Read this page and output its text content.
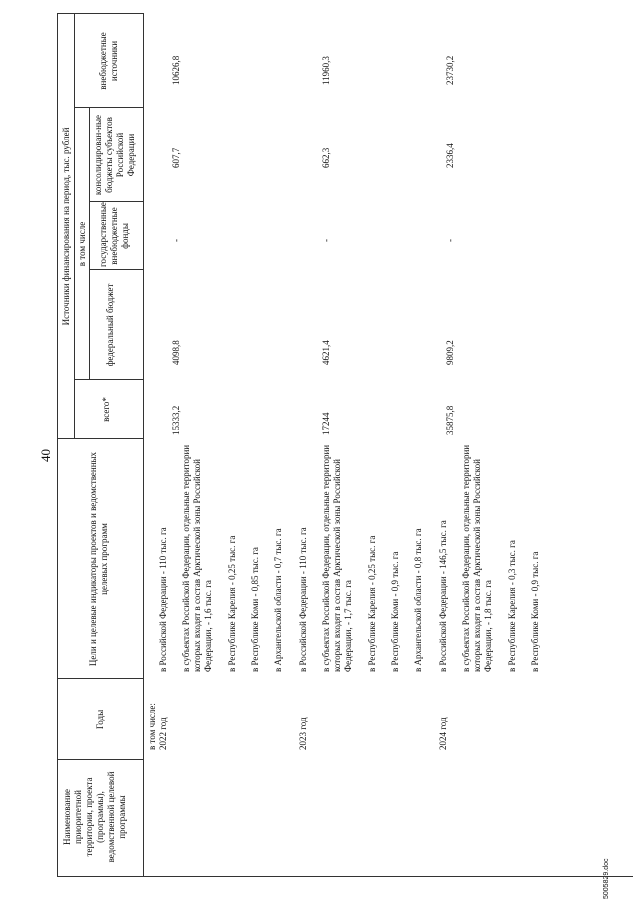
40
5005829.doc
Наименование приоритетной территории, проекта (программы), ведомственной целевой программы
Годы
Цели и целевые индикаторы проектов и ведомственных целевых программ
всего*
Источники финансирования на период, тыс. рублей в том числе
федеральный бюджет
государственные внебюджетные фонды
консолидирован-ные бюджеты субъектов Российской Федерации
внебюджетные источники
в том числе: 2022 год
в Российской Федерации - 110 тыс. га в субъектах Российской Федерации, отдельные территории которых входят в состав Арктической зоны Российской Федерации, - 1,6 тыс. га в Республике Карелия - 0,25 тыс. га в Республике Коми - 0,85 тыс. га в Архангельской области - 0,7 тыс. га
15333,2
4098,8
-
607,7
10626,8
2023 год
в Российской Федерации - 110 тыс. га в субъектах Российской Федерации, отдельные территории которых входят в состав Арктической зоны Российской Федерации, - 1,7 тыс. га в Республике Карелия - 0,25 тыс. га в Республике Коми - 0,9 тыс. га в Архангельской области - 0,8 тыс. га
17244
4621,4
-
662,3
11960,3
2024 год
в Российской Федерации - 146,5 тыс. га в субъектах Российской Федерации, отдельные территории которых входят в состав Арктической зоны Российской Федерации, - 1,8 тыс. га в Республике Карелия - 0,3 тыс. га в Республике Коми - 0,9 тыс. га
35875,8
9809,2
-
2336,4
23730,2
